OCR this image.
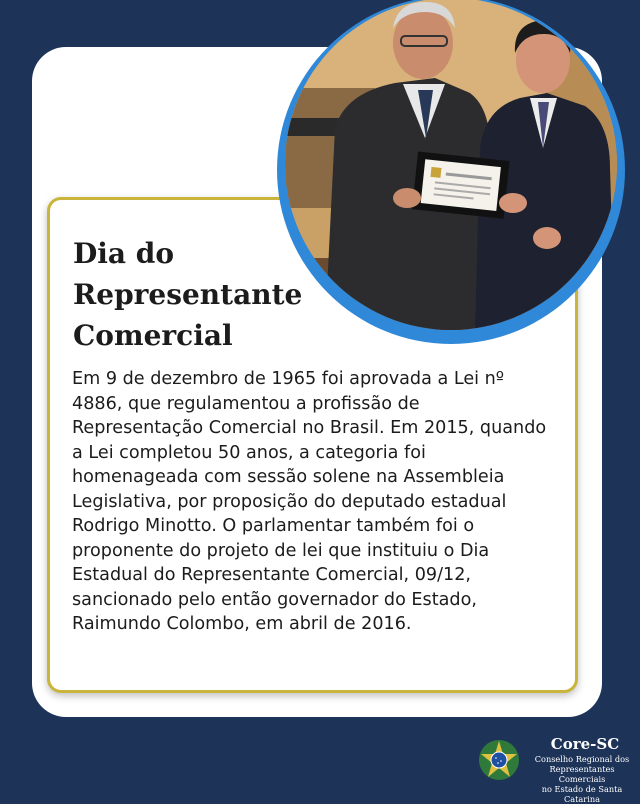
Dia do
Representante
Comercial

Em 9 de dezembro de 1965 foi aprovada a Lei nº 4886, que regulamentou a profissão de Representação Comercial no Brasil. Em 2015, quando a Lei completou 50 anos, a categoria foi homenageada com sessão solene na Assembleia Legislativa, por proposição do deputado estadual Rodrigo Minotto. O parlamentar também foi o proponente do projeto de lei que instituiu o Dia Estadual do Representante Comercial, 09/12, sancionado pelo então governador do Estado, Raimundo Colombo, em abril de 2016.

Core-SC
Conselho Regional dos
Representantes Comerciais
no Estado de Santa Catarina
